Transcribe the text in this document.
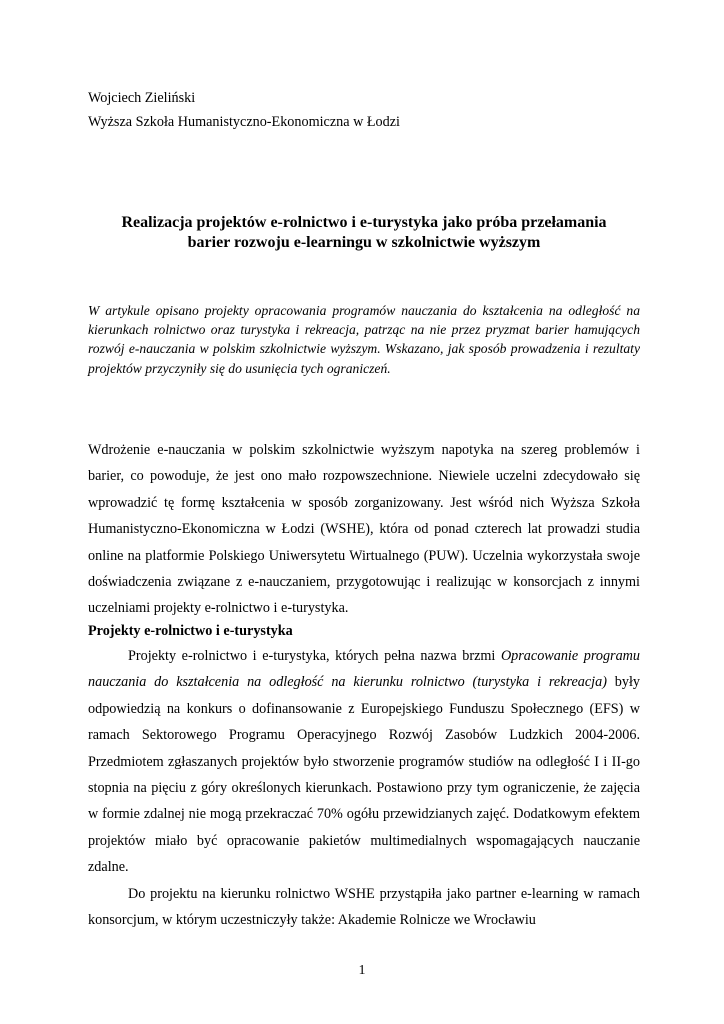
Wojciech Zieliński
Wyższa Szkoła Humanistyczno-Ekonomiczna w Łodzi
Realizacja projektów e-rolnictwo i e-turystyka jako próba przełamania
barier rozwoju e-learningu w szkolnictwie wyższym

W artykule opisano projekty opracowania programów nauczania do kształcenia na odległość na kierunkach rolnictwo oraz turystyka i rekreacja, patrząc na nie przez pryzmat barier hamujących rozwój e-nauczania w polskim szkolnictwie wyższym. Wskazano, jak sposób prowadzenia i rezultaty projektów przyczyniły się do usunięcia tych ograniczeń.

Wdrożenie e-nauczania w polskim szkolnictwie wyższym napotyka na szereg problemów i barier, co powoduje, że jest ono mało rozpowszechnione. Niewiele uczelni zdecydowało się wprowadzić tę formę kształcenia w sposób zorganizowany. Jest wśród nich Wyższa Szkoła Humanistyczno-Ekonomiczna w Łodzi (WSHE), która od ponad czterech lat prowadzi studia online na platformie Polskiego Uniwersytetu Wirtualnego (PUW). Uczelnia wykorzystała swoje doświadczenia związane z e-nauczaniem, przygotowując i realizując w konsorcjach z innymi uczelniami projekty e-rolnictwo i e-turystyka.

Projekty e-rolnictwo i e-turystyka

Projekty e-rolnictwo i e-turystyka, których pełna nazwa brzmi Opracowanie programu nauczania do kształcenia na odległość na kierunku rolnictwo (turystyka i rekreacja) były odpowiedzią na konkurs o dofinansowanie z Europejskiego Funduszu Społecznego (EFS) w ramach Sektorowego Programu Operacyjnego Rozwój Zasobów Ludzkich 2004-2006. Przedmiotem zgłaszanych projektów było stworzenie programów studiów na odległość I i II-go stopnia na pięciu z góry określonych kierunkach. Postawiono przy tym ograniczenie, że zajęcia w formie zdalnej nie mogą przekraczać 70% ogółu przewidzianych zajęć. Dodatkowym efektem projektów miało być opracowanie pakietów multimedialnych wspomagających nauczanie zdalne.

Do projektu na kierunku rolnictwo WSHE przystąpiła jako partner e-learning w ramach konsorcjum, w którym uczestniczyły także: Akademie Rolnicze we Wrocławiu

1
